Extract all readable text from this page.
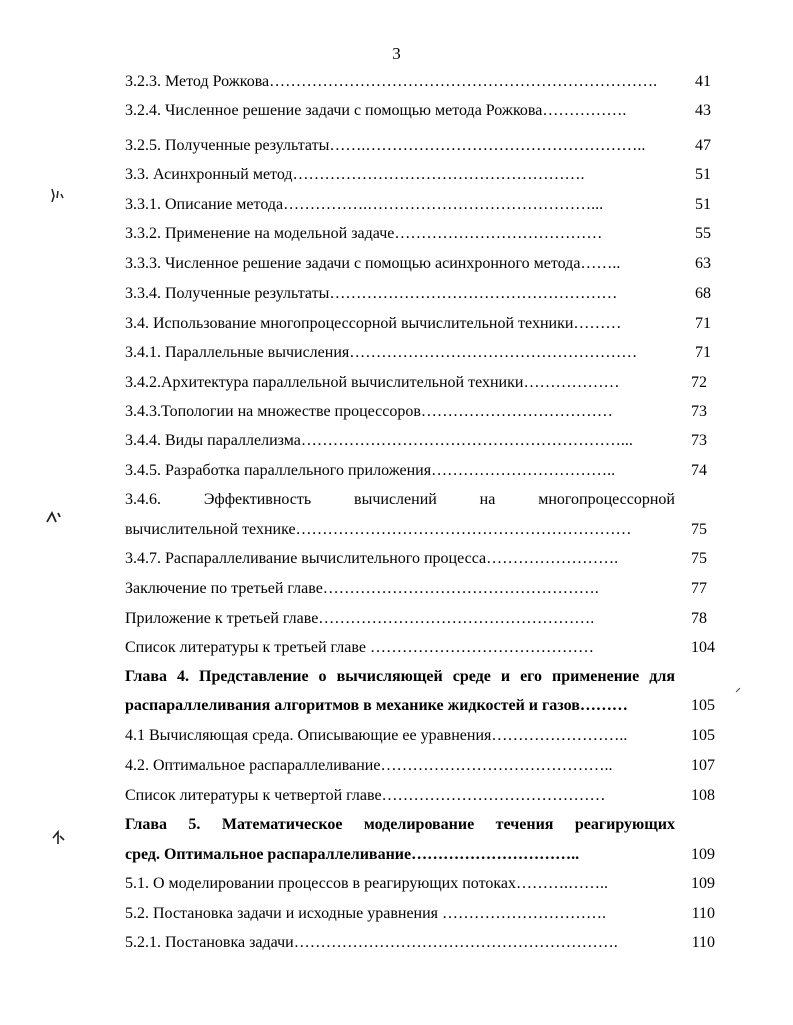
3
3.2.3. Метод Рожкова……………………………………………………………….	41
3.2.4. Численное решение задачи с помощью метода Рожкова…………….	43
3.2.5. Полученные результаты…….……………………………………………..	47
3.3. Асинхронный метод……………………………………………….	51
3.3.1. Описание метода…………….……………………………………...	51
3.3.2. Применение на модельной задаче…………………………………	55
3.3.3. Численное решение задачи с помощью асинхронного метода……..	63
3.3.4. Полученные результаты………………………………………………	68
3.4. Использование многопроцессорной вычислительной техники………	71
3.4.1. Параллельные вычисления………………………………………………	71
3.4.2.Архитектура параллельной вычислительной техники………………	72
3.4.3.Топологии на множестве процессоров………………………………	73
3.4.4. Виды параллелизма……………………………………………………...	73
3.4.5. Разработка параллельного приложения……………………………..	74
3.4.6. Эффективность вычислений на многопроцессорной
вычислительной технике………………………………………………………	75
3.4.7. Распараллеливание вычислительного процесса…………………….	75
Заключение по третьей главе…………………………………………….	77
Приложение к третьей главе…………………………………………….	78
Список литературы к третьей главе ……………………………………	104
Глава 4. Представление о вычисляющей среде и его применение для
распараллеливания алгоритмов в механике жидкостей и газов………	105
4.1 Вычисляющая среда. Описывающие ее уравнения……………………..	105
4.2. Оптимальное распараллеливание……………………………………..	107
Список литературы к четвертой главе……………………………………	108
Глава 5. Математическое моделирование течения реагирующих
сред. Оптимальное распараллеливание…………………………..	109
5.1. О моделировании процессов в реагирующих потоках……….……..	109
5.2. Постановка задачи и исходные уравнения ………………………….	110
5.2.1. Постановка задачи…………………………………………………….	110
